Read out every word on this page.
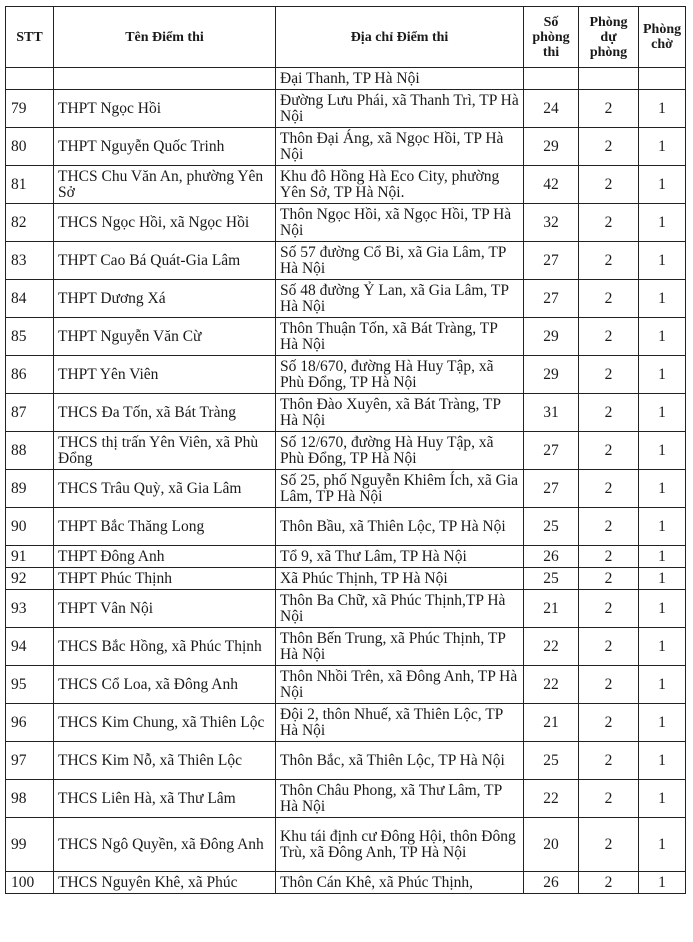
STT	Tên Điểm thi	Địa chỉ Điểm thi	Số phòng thi	Phòng dự phòng	Phòng chờ
		Đại Thanh, TP Hà Nội			
79	THPT Ngọc Hồi	Đường Lưu Phái, xã Thanh Trì, TP Hà Nội	24	2	1
80	THPT Nguyễn Quốc Trinh	Thôn Đại Áng, xã Ngọc Hồi, TP Hà Nội	29	2	1
81	THCS Chu Văn An, phường Yên Sở	Khu đô Hồng Hà Eco City, phường Yên Sở, TP Hà Nội.	42	2	1
82	THCS Ngọc Hồi, xã Ngọc Hồi	Thôn Ngọc Hồi, xã Ngọc Hồi, TP Hà Nội	32	2	1
83	THPT Cao Bá Quát-Gia Lâm	Số 57 đường Cổ Bi, xã Gia Lâm, TP Hà Nội	27	2	1
84	THPT Dương Xá	Số 48 đường Ỷ Lan, xã Gia Lâm, TP Hà Nội	27	2	1
85	THPT Nguyễn Văn Cừ	Thôn Thuận Tốn, xã Bát Tràng, TP Hà Nội	29	2	1
86	THPT Yên Viên	Số 18/670, đường Hà Huy Tập, xã Phù Đổng, TP Hà Nội	29	2	1
87	THCS Đa Tốn, xã Bát Tràng	Thôn Đào Xuyên, xã Bát Tràng, TP Hà Nội	31	2	1
88	THCS thị trấn Yên Viên, xã Phù Đổng	Số 12/670, đường Hà Huy Tập, xã Phù Đổng, TP Hà Nội	27	2	1
89	THCS Trâu Quỳ, xã Gia Lâm	Số 25, phố Nguyễn Khiêm Ích, xã Gia Lâm, TP Hà Nội	27	2	1
90	THPT Bắc Thăng Long	Thôn Bầu, xã Thiên Lộc, TP Hà Nội	25	2	1
91	THPT Đông Anh	Tổ 9, xã Thư Lâm, TP Hà Nội	26	2	1
92	THPT Phúc Thịnh	Xã Phúc Thịnh, TP Hà Nội	25	2	1
93	THPT Vân Nội	Thôn Ba Chữ, xã Phúc Thịnh,TP Hà Nội	21	2	1
94	THCS Bắc Hồng, xã Phúc Thịnh	Thôn Bến Trung, xã Phúc Thịnh, TP Hà Nội	22	2	1
95	THCS Cổ Loa, xã Đông Anh	Thôn Nhồi Trên, xã Đông Anh, TP Hà Nội	22	2	1
96	THCS Kim Chung, xã Thiên Lộc	Đội 2, thôn Nhuế, xã Thiên Lộc, TP Hà Nội	21	2	1
97	THCS Kim Nỗ, xã Thiên Lộc	Thôn Bắc, xã Thiên Lộc, TP Hà Nội	25	2	1
98	THCS Liên Hà, xã Thư Lâm	Thôn Châu Phong, xã Thư Lâm, TP Hà Nội	22	2	1
99	THCS Ngô Quyền, xã Đông Anh	Khu tái định cư Đông Hội, thôn Đông Trù, xã Đông Anh, TP Hà Nội	20	2	1
100	THCS Nguyên Khê, xã Phúc	Thôn Cán Khê, xã Phúc Thịnh,	26	2	1
